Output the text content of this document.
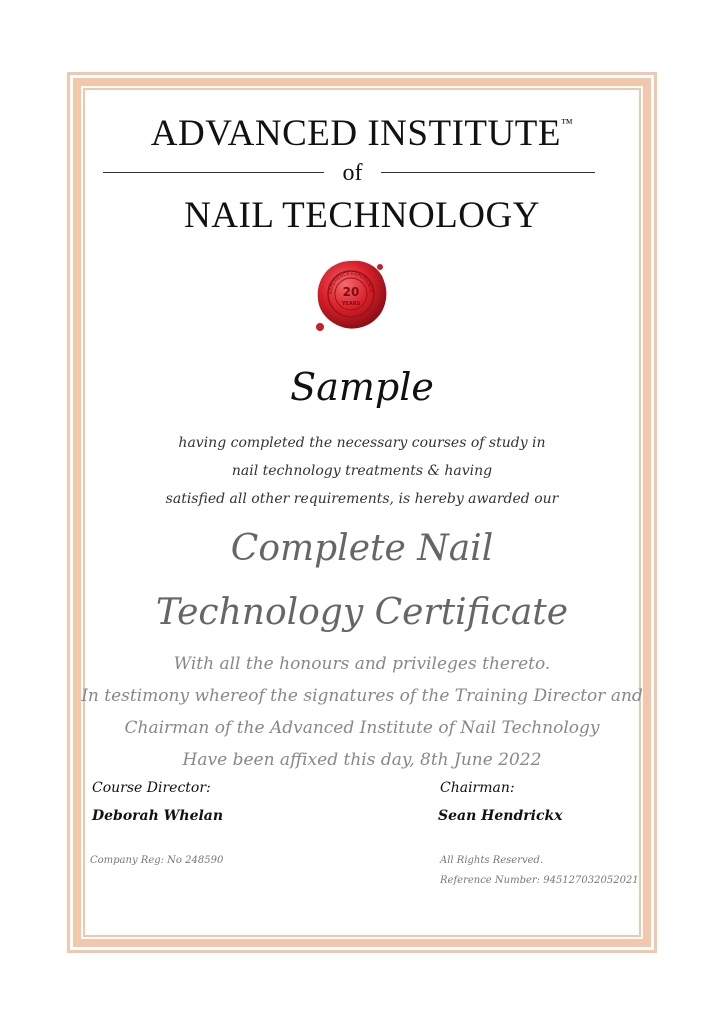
ADVANCED INSTITUTE™
of
NAIL TECHNOLOGY
20
YEARS
EXPERIENCE EXPERIENCE
Sample
having completed the necessary courses of study in
nail technology treatments & having
satisfied all other requirements, is hereby awarded our
Complete Nail
Technology Certificate
With all the honours and privileges thereto.
In testimony whereof the signatures of the Training Director and
Chairman of the Advanced Institute of Nail Technology
Have been affixed this day, 8th June 2022
Course Director:
Deborah Whelan
Chairman:
Sean Hendrickx
Company Reg: No 248590	All Rights Reserved.
Reference Number: 945127032052021
